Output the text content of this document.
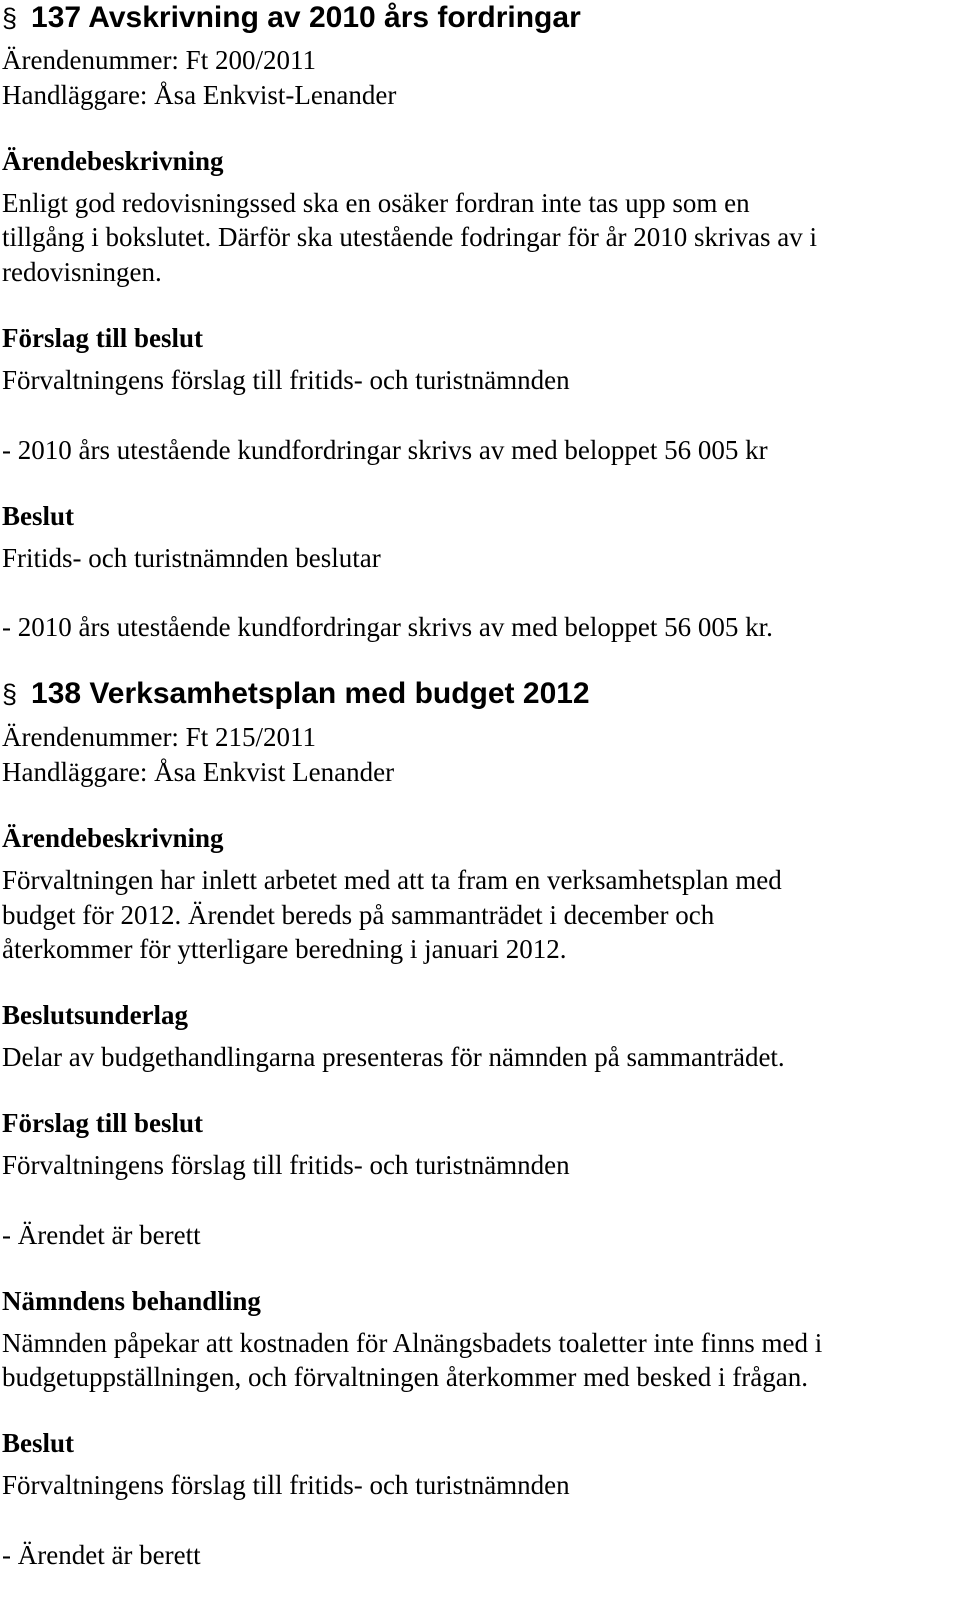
§ 137 Avskrivning av 2010 års fordringar

Ärendenummer: Ft 200/2011

Handläggare: Åsa Enkvist-Lenander

Ärendebeskrivning

Enligt god redovisningssed ska en osäker fordran inte tas upp som en

tillgång i bokslutet. Därför ska utestående fodringar för år 2010 skrivas av i

redovisningen.

Förslag till beslut

Förvaltningens förslag till fritids- och turistnämnden

- 2010 års utestående kundfordringar skrivs av med beloppet 56 005 kr

Beslut

Fritids- och turistnämnden beslutar

- 2010 års utestående kundfordringar skrivs av med beloppet 56 005 kr.

§ 138 Verksamhetsplan med budget 2012

Ärendenummer: Ft 215/2011

Handläggare: Åsa Enkvist Lenander

Ärendebeskrivning

Förvaltningen har inlett arbetet med att ta fram en verksamhetsplan med

budget för 2012. Ärendet bereds på sammanträdet i december och

återkommer för ytterligare beredning i januari 2012.

Beslutsunderlag

Delar av budgethandlingarna presenteras för nämnden på sammanträdet.

Förslag till beslut

Förvaltningens förslag till fritids- och turistnämnden

- Ärendet är berett

Nämndens behandling

Nämnden påpekar att kostnaden för Alnängsbadets toaletter inte finns med i

budgetuppställningen, och förvaltningen återkommer med besked i frågan.

Beslut

Förvaltningens förslag till fritids- och turistnämnden

- Ärendet är berett
